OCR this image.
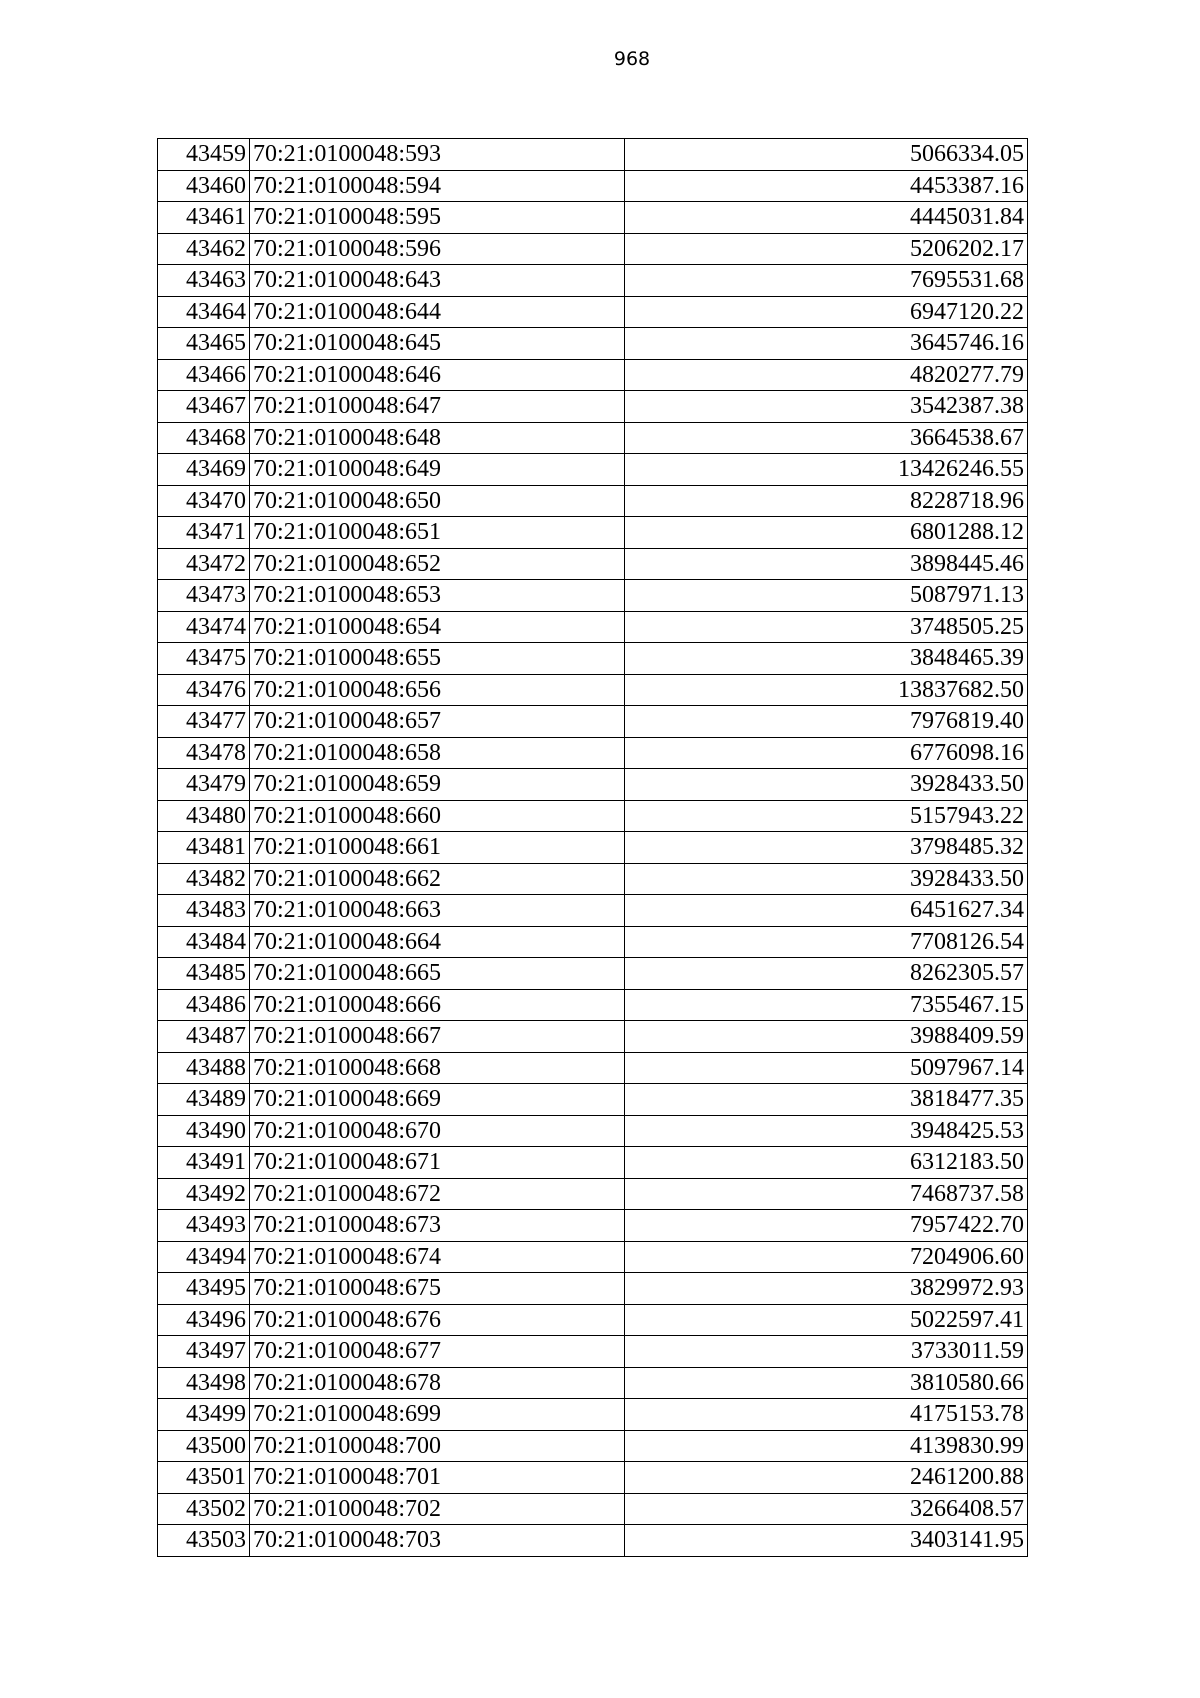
968
43459	70:21:0100048:593	5066334.05
43460	70:21:0100048:594	4453387.16
43461	70:21:0100048:595	4445031.84
43462	70:21:0100048:596	5206202.17
43463	70:21:0100048:643	7695531.68
43464	70:21:0100048:644	6947120.22
43465	70:21:0100048:645	3645746.16
43466	70:21:0100048:646	4820277.79
43467	70:21:0100048:647	3542387.38
43468	70:21:0100048:648	3664538.67
43469	70:21:0100048:649	13426246.55
43470	70:21:0100048:650	8228718.96
43471	70:21:0100048:651	6801288.12
43472	70:21:0100048:652	3898445.46
43473	70:21:0100048:653	5087971.13
43474	70:21:0100048:654	3748505.25
43475	70:21:0100048:655	3848465.39
43476	70:21:0100048:656	13837682.50
43477	70:21:0100048:657	7976819.40
43478	70:21:0100048:658	6776098.16
43479	70:21:0100048:659	3928433.50
43480	70:21:0100048:660	5157943.22
43481	70:21:0100048:661	3798485.32
43482	70:21:0100048:662	3928433.50
43483	70:21:0100048:663	6451627.34
43484	70:21:0100048:664	7708126.54
43485	70:21:0100048:665	8262305.57
43486	70:21:0100048:666	7355467.15
43487	70:21:0100048:667	3988409.59
43488	70:21:0100048:668	5097967.14
43489	70:21:0100048:669	3818477.35
43490	70:21:0100048:670	3948425.53
43491	70:21:0100048:671	6312183.50
43492	70:21:0100048:672	7468737.58
43493	70:21:0100048:673	7957422.70
43494	70:21:0100048:674	7204906.60
43495	70:21:0100048:675	3829972.93
43496	70:21:0100048:676	5022597.41
43497	70:21:0100048:677	3733011.59
43498	70:21:0100048:678	3810580.66
43499	70:21:0100048:699	4175153.78
43500	70:21:0100048:700	4139830.99
43501	70:21:0100048:701	2461200.88
43502	70:21:0100048:702	3266408.57
43503	70:21:0100048:703	3403141.95
